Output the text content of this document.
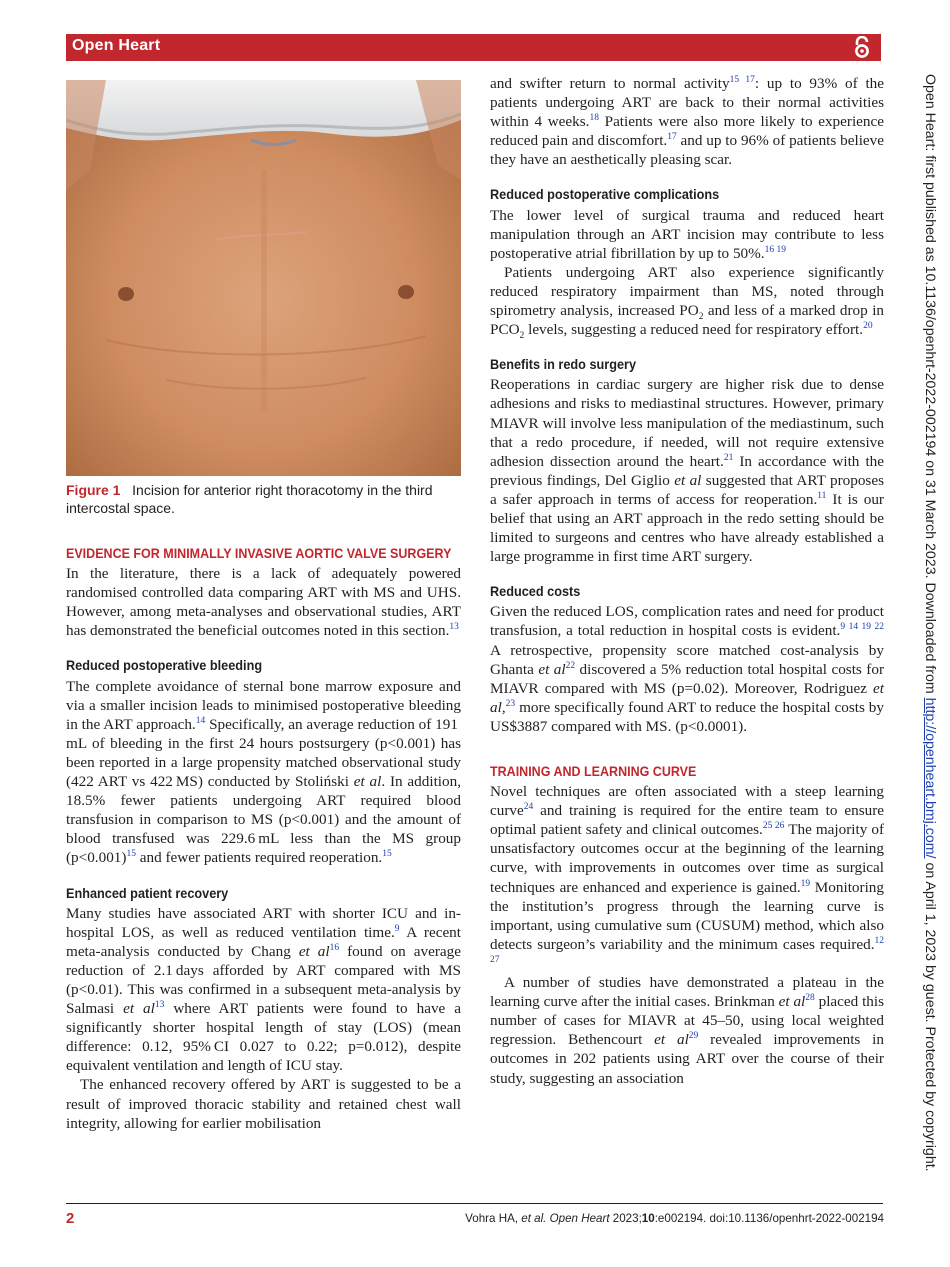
Open Heart
Open Heart: first published as 10.1136/openhrt-2022-002194 on 31 March 2023. Downloaded from http://openheart.bmj.com/ on April 1, 2023 by guest. Protected by copyright.
Figure 1 Incision for anterior right thoracotomy in the third intercostal space.
EVIDENCE FOR MINIMALLY INVASIVE AORTIC VALVE SURGERY

In the literature, there is a lack of adequately powered randomised controlled data comparing ART with MS and UHS. However, among meta-analyses and observational studies, ART has demonstrated the beneficial outcomes noted in this section.$^{13}$

Reduced postoperative bleeding

The complete avoidance of sternal bone marrow exposure and via a smaller incision leads to minimised postoperative bleeding in the ART approach.$^{14}$ Specifically, an average reduction of 191 mL of bleeding in the first 24 hours postsurgery (p<0.001) has been reported in a large propensity matched observational study (422 ART vs 422 MS) conducted by Stoliński et al. In addition, 18.5% fewer patients undergoing ART required blood transfusion in comparison to MS (p<0.001) and the amount of blood transfused was 229.6 mL less than the MS group (p<0.001)$^{15}$ and fewer patients required reoperation.$^{15}$

Enhanced patient recovery

Many studies have associated ART with shorter ICU and in-hospital LOS, as well as reduced ventilation time.$^9$ A recent meta-analysis conducted by Chang et $al^{16}$ found on average reduction of 2.1 days afforded by ART compared with MS (p<0.01). This was confirmed in a subsequent meta-analysis by Salmasi et $al^{13}$ where ART patients were found to have a significantly shorter hospital length of stay (LOS) (mean difference: 0.12, 95% CI 0.027 to 0.22; p=0.012), despite equivalent ventilation and length of ICU stay.

The enhanced recovery offered by ART is suggested to be a result of improved thoracic stability and retained chest wall integrity, allowing for earlier mobilisation

and swifter return to normal activity$^{15 17}$: up to 93% of the patients undergoing ART are back to their normal activities within 4 weeks.$^{18}$ Patients were also more likely to experience reduced pain and discomfort.$^{17}$ and up to 96% of patients believe they have an aesthetically pleasing scar.

Reduced postoperative complications

The lower level of surgical trauma and reduced heart manipulation through an ART incision may contribute to less postoperative atrial fibrillation by up to 50%.$^{16 19}$

Patients undergoing ART also experience significantly reduced respiratory impairment than MS, noted through spirometry analysis, increased $PO_2$ and less of a marked drop in $PCO_2$ levels, suggesting a reduced need for respiratory effort.$^{20}$

Benefits in redo surgery

Reoperations in cardiac surgery are higher risk due to dense adhesions and risks to mediastinal structures. However, primary MIAVR will involve less manipulation of the mediastinum, such that a redo procedure, if needed, will not require extensive adhesion dissection around the heart.$^{21}$ In accordance with the previous findings, Del Giglio et al suggested that ART proposes a safer approach in terms of access for reoperation.$^{11}$ It is our belief that using an ART approach in the redo setting should be limited to surgeons and centres who have already established a large programme in first time ART surgery.

Reduced costs

Given the reduced LOS, complication rates and need for product transfusion, a total reduction in hospital costs is evident.$^{9 14 19 22}$ A retrospective, propensity score matched cost-analysis by Ghanta et $al^{22}$ discovered a 5% reduction total hospital costs for MIAVR compared with MS (p=0.02). Moreover, Rodriguez et al,$^{23}$ more specifically found ART to reduce the hospital costs by US$3887 compared with MS. (p<0.0001).

TRAINING AND LEARNING CURVE

Novel techniques are often associated with a steep learning curve$^{24}$ and training is required for the entire team to ensure optimal patient safety and clinical outcomes.$^{25 26}$ The majority of unsatisfactory outcomes occur at the beginning of the learning curve, with improvements in outcomes over time as surgical techniques are enhanced and experience is gained.$^{19}$ Monitoring the institution’s progress through the learning curve is important, using cumulative sum (CUSUM) method, which also detects surgeon’s variability and the minimum cases required.$^{12 27}$

A number of studies have demonstrated a plateau in the learning curve after the initial cases. Brinkman et $al^{28}$ placed this number of cases for MIAVR at 45–50, using local weighted regression. Bethencourt et $al^{29}$ revealed improvements in outcomes in 202 patients using ART over the course of their study, suggesting an association

2	Vohra HA, et al. Open Heart 2023;10:e002194. doi:10.1136/openhrt-2022-002194
